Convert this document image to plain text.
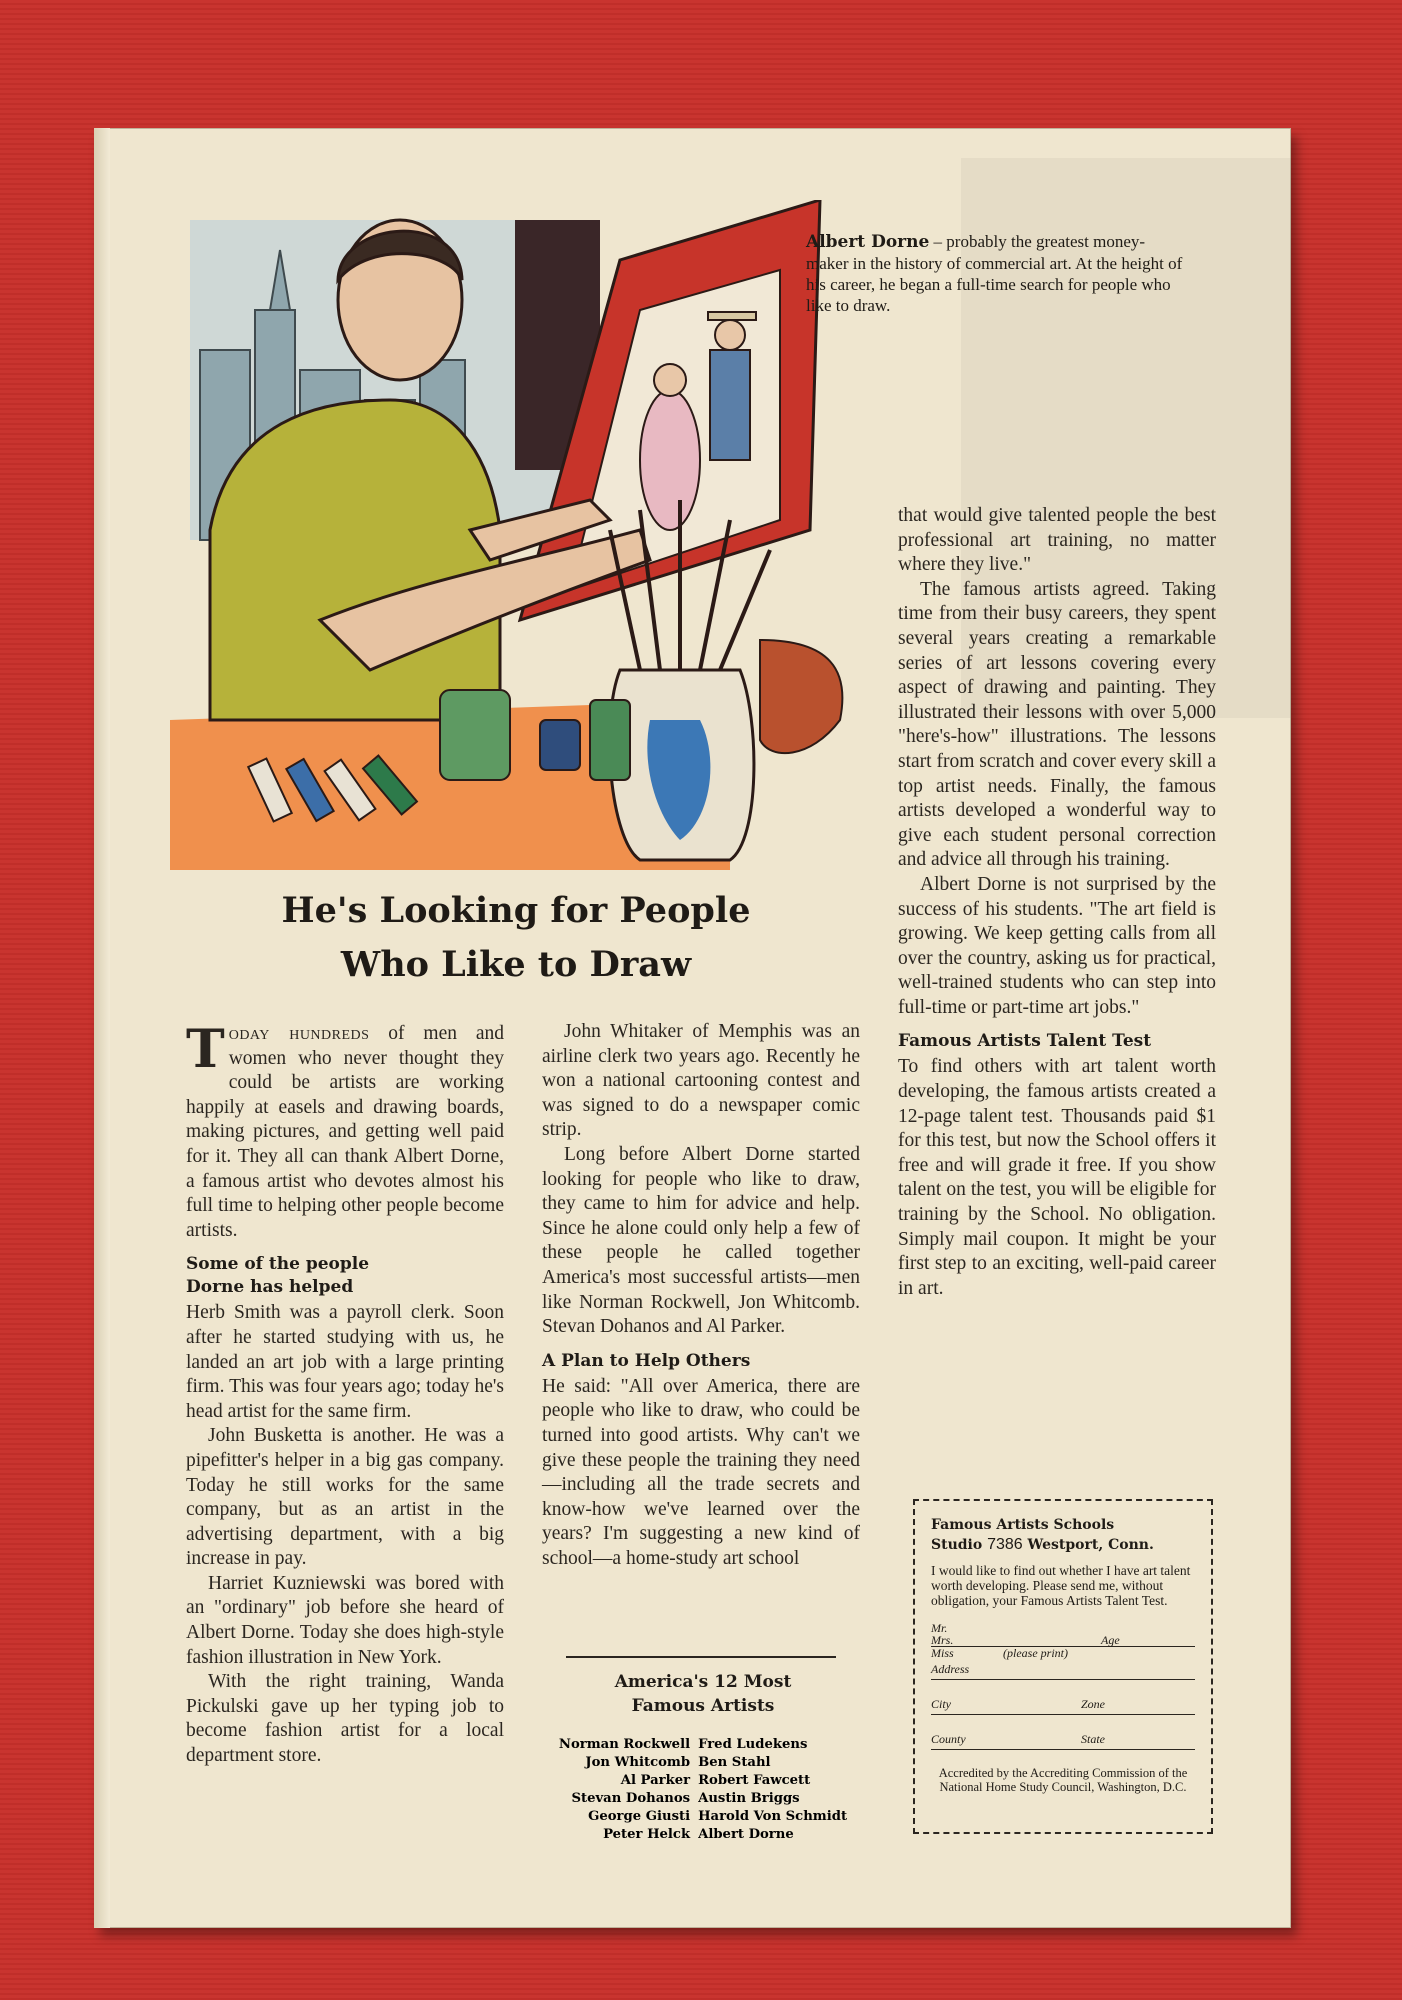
Albert Dorne – probably the greatest money-maker in the history of commercial art. At the height of his career, he began a full-time search for people who like to draw.
He's Looking for People
Who Like to Draw

Today hundreds of men and women who never thought they could be artists are working happily at easels and drawing boards, making pictures, and getting well paid for it. They all can thank Albert Dorne, a famous artist who devotes almost his full time to helping other people become artists.

Some of the people
Dorne has helped

Herb Smith was a payroll clerk. Soon after he started studying with us, he landed an art job with a large printing firm. This was four years ago; today he's head artist for the same firm.

John Busketta is another. He was a pipefitter's helper in a big gas company. Today he still works for the same company, but as an artist in the advertising department, with a big increase in pay.

Harriet Kuzniewski was bored with an "ordinary" job before she heard of Albert Dorne. Today she does high-style fashion illustration in New York.

With the right training, Wanda Pickulski gave up her typing job to become fashion artist for a local department store.

John Whitaker of Memphis was an airline clerk two years ago. Recently he won a national cartooning contest and was signed to do a newspaper comic strip.

Long before Albert Dorne started looking for people who like to draw, they came to him for advice and help. Since he alone could only help a few of these people he called together America's most successful artists—men like Norman Rockwell, Jon Whitcomb. Stevan Dohanos and Al Parker.

A Plan to Help Others

He said: "All over America, there are people who like to draw, who could be turned into good artists. Why can't we give these people the training they need—including all the trade secrets and know-how we've learned over the years? I'm suggesting a new kind of school—a home-study art school

that would give talented people the best professional art training, no matter where they live."

The famous artists agreed. Taking time from their busy careers, they spent several years creating a remarkable series of art lessons covering every aspect of drawing and painting. They illustrated their lessons with over 5,000 "here's-how" illustrations. The lessons start from scratch and cover every skill a top artist needs. Finally, the famous artists developed a wonderful way to give each student personal correction and advice all through his training.

Albert Dorne is not surprised by the success of his students. "The art field is growing. We keep getting calls from all over the country, asking us for practical, well-trained students who can step into full-time or part-time art jobs."

Famous Artists Talent Test

To find others with art talent worth developing, the famous artists created a 12-page talent test. Thousands paid $1 for this test, but now the School offers it free and will grade it free. If you show talent on the test, you will be eligible for training by the School. No obligation. Simply mail coupon. It might be your first step to an exciting, well-paid career in art.

America's 12 Most
Famous Artists
Norman Rockwell	Fred Ludekens
Jon Whitcomb	Ben Stahl
Al Parker	Robert Fawcett
Stevan Dohanos	Austin Briggs
George Giusti	Harold Von Schmidt
Peter Helck	Albert Dorne
Famous Artists Schools
Studio 7386 Westport, Conn.
I would like to find out whether I have art talent worth developing. Please send me, without obligation, your Famous Artists Talent Test.
Mr.
Mrs.	Age
Miss	(please print)
Address
City	Zone
County	State
Accredited by the Accrediting Commission of the National Home Study Council, Washington, D.C.
